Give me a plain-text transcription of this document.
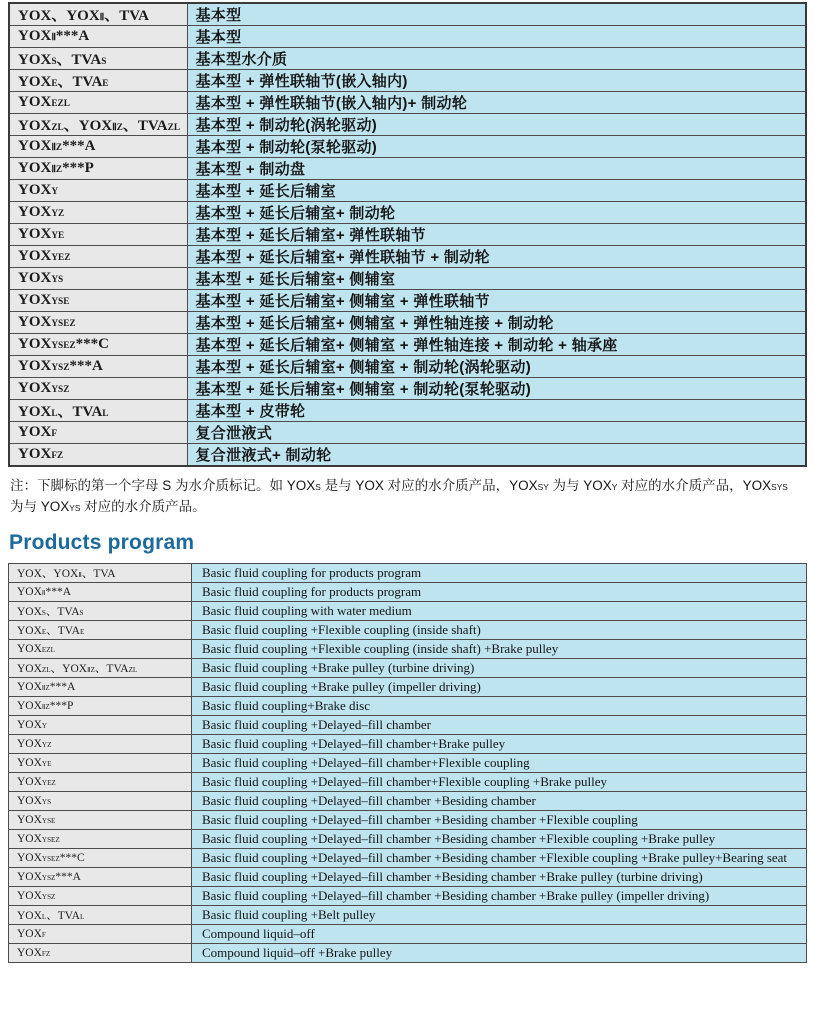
YOX、YOXⅡ、TVA	基本型
YOXⅡ***A	基本型
YOXS、TVAS	基本型水介质
YOXE、TVAE	基本型 + 弹性联轴节(嵌入轴内)
YOXEZL	基本型 + 弹性联轴节(嵌入轴内)+ 制动轮
YOXZL、YOXⅡZ、TVAZL	基本型 + 制动轮(涡轮驱动)
YOXⅡZ***A	基本型 + 制动轮(泵轮驱动)
YOXⅡZ***P	基本型 + 制动盘
YOXY	基本型 + 延长后辅室
YOXYZ	基本型 + 延长后辅室+ 制动轮
YOXYE	基本型 + 延长后辅室+ 弹性联轴节
YOXYEZ	基本型 + 延长后辅室+ 弹性联轴节 + 制动轮
YOXYS	基本型 + 延长后辅室+ 侧辅室
YOXYSE	基本型 + 延长后辅室+ 侧辅室 + 弹性联轴节
YOXYSEZ	基本型 + 延长后辅室+ 侧辅室 + 弹性轴连接 + 制动轮
YOXYSEZ***C	基本型 + 延长后辅室+ 侧辅室 + 弹性轴连接 + 制动轮 + 轴承座
YOXYSZ***A	基本型 + 延长后辅室+ 侧辅室 + 制动轮(涡轮驱动)
YOXYSZ	基本型 + 延长后辅室+ 侧辅室 + 制动轮(泵轮驱动)
YOXL、TVAL	基本型 + 皮带轮
YOXF	复合泄液式
YOXFZ	复合泄液式+ 制动轮

注：下脚标的第一个字母 S 为水介质标记。如 YOXS 是与 YOX 对应的水介质产品，YOXSY 为与 YOXY 对应的水介质产品，YOXSYS 为与 YOXYS 对应的水介质产品。

Products program
YOX、YOXⅡ、TVA	Basic fluid coupling for products program
YOXⅡ***A	Basic fluid coupling for products program
YOXS、TVAS	Basic fluid coupling with water medium
YOXE、TVAE	Basic fluid coupling +Flexible coupling (inside shaft)
YOXEZL	Basic fluid coupling +Flexible coupling (inside shaft) +Brake pulley
YOXZL、YOXⅡZ、TVAZL	Basic fluid coupling +Brake pulley (turbine driving)
YOXⅡZ***A	Basic fluid coupling +Brake pulley (impeller driving)
YOXⅡZ***P	Basic fluid coupling+Brake disc
YOXY	Basic fluid coupling +Delayed–fill chamber
YOXYZ	Basic fluid coupling +Delayed–fill chamber+Brake pulley
YOXYE	Basic fluid coupling +Delayed–fill chamber+Flexible coupling
YOXYEZ	Basic fluid coupling +Delayed–fill chamber+Flexible coupling +Brake pulley
YOXYS	Basic fluid coupling +Delayed–fill chamber +Besiding chamber
YOXYSE	Basic fluid coupling +Delayed–fill chamber +Besiding chamber +Flexible coupling
YOXYSEZ	Basic fluid coupling +Delayed–fill chamber +Besiding chamber +Flexible coupling +Brake pulley
YOXYSEZ***C	Basic fluid coupling +Delayed–fill chamber +Besiding chamber +Flexible coupling +Brake pulley+Bearing seat
YOXYSZ***A	Basic fluid coupling +Delayed–fill chamber +Besiding chamber +Brake pulley (turbine driving)
YOXYSZ	Basic fluid coupling +Delayed–fill chamber +Besiding chamber +Brake pulley (impeller driving)
YOXL、TVAL	Basic fluid coupling +Belt pulley
YOXF	Compound liquid–off
YOXFZ	Compound liquid–off +Brake pulley
